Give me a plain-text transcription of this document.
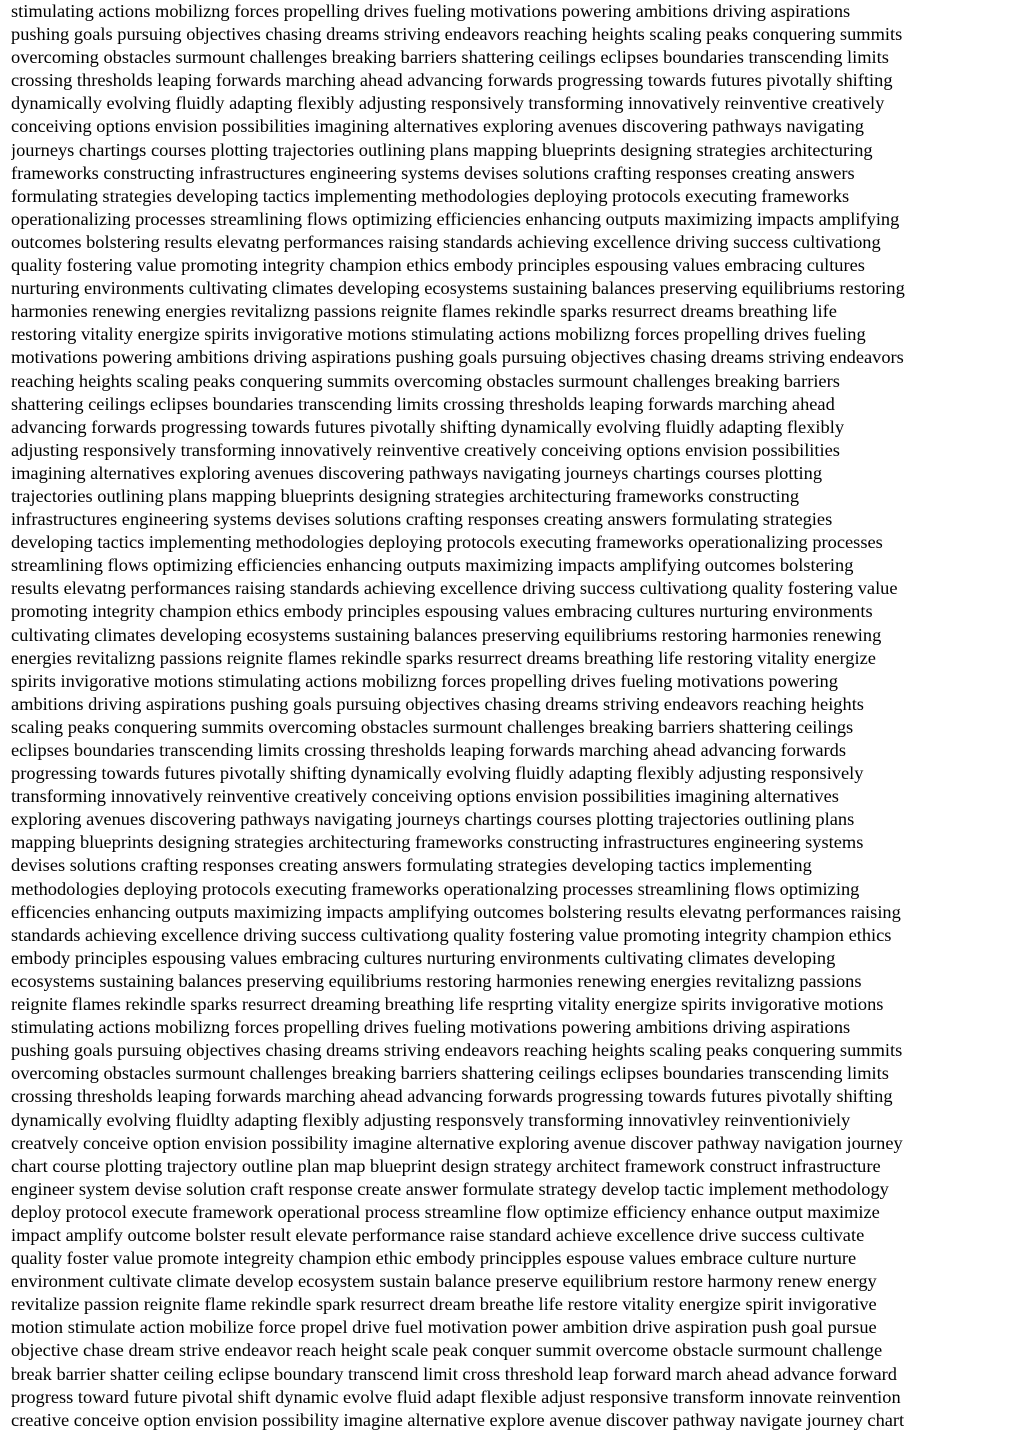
stimulating actions mobilizng forces propelling drives fueling motivations powering ambitions driving aspirations

pushing goals pursuing objectives chasing dreams striving endeavors reaching heights scaling peaks conquering summits

overcoming obstacles surmount challenges breaking barriers shattering ceilings eclipses boundaries transcending limits

crossing thresholds leaping forwards marching ahead advancing forwards progressing towards futures pivotally shifting

dynamically evolving fluidly adapting flexibly adjusting responsively transforming innovatively reinventive creatively

conceiving options envision possibilities imagining alternatives exploring avenues discovering pathways navigating

journeys chartings courses plotting trajectories outlining plans mapping blueprints designing strategies architecturing

frameworks constructing infrastructures engineering systems devises solutions crafting responses creating answers

formulating strategies developing tactics implementing methodologies deploying protocols executing frameworks

operationalizing processes streamlining flows optimizing efficiencies enhancing outputs maximizing impacts amplifying

outcomes bolstering results elevatng performances raising standards achieving excellence driving success cultivationg

quality fostering value promoting integrity champion ethics embody principles espousing values embracing cultures

nurturing environments cultivating climates developing ecosystems sustaining balances preserving equilibriums restoring

harmonies renewing energies revitalizng passions reignite flames rekindle sparks resurrect dreams breathing life

restoring vitality energize spirits invigorative motions stimulating actions mobilizng forces propelling drives fueling

motivations powering ambitions driving aspirations pushing goals pursuing objectives chasing dreams striving endeavors

reaching heights scaling peaks conquering summits overcoming obstacles surmount challenges breaking barriers

shattering ceilings eclipses boundaries transcending limits crossing thresholds leaping forwards marching ahead

advancing forwards progressing towards futures pivotally shifting dynamically evolving fluidly adapting flexibly

adjusting responsively transforming innovatively reinventive creatively conceiving options envision possibilities

imagining alternatives exploring avenues discovering pathways navigating journeys chartings courses plotting

trajectories outlining plans mapping blueprints designing strategies architecturing frameworks constructing

infrastructures engineering systems devises solutions crafting responses creating answers formulating strategies

developing tactics implementing methodologies deploying protocols executing frameworks operationalizing processes

streamlining flows optimizing efficiencies enhancing outputs maximizing impacts amplifying outcomes bolstering

results elevatng performances raising standards achieving excellence driving success cultivationg quality fostering value

promoting integrity champion ethics embody principles espousing values embracing cultures nurturing environments

cultivating climates developing ecosystems sustaining balances preserving equilibriums restoring harmonies renewing

energies revitalizng passions reignite flames rekindle sparks resurrect dreams breathing life restoring vitality energize

spirits invigorative motions stimulating actions mobilizng forces propelling drives fueling motivations powering

ambitions driving aspirations pushing goals pursuing objectives chasing dreams striving endeavors reaching heights

scaling peaks conquering summits overcoming obstacles surmount challenges breaking barriers shattering ceilings

eclipses boundaries transcending limits crossing thresholds leaping forwards marching ahead advancing forwards

progressing towards futures pivotally shifting dynamically evolving fluidly adapting flexibly adjusting responsively

transforming innovatively reinventive creatively conceiving options envision possibilities imagining alternatives

exploring avenues discovering pathways navigating journeys chartings courses plotting trajectories outlining plans

mapping blueprints designing strategies architecturing frameworks constructing infrastructures engineering systems

devises solutions crafting responses creating answers formulating strategies developing tactics implementing

methodologies deploying protocols executing frameworks operationalzing processes streamlining flows optimizing

efficencies enhancing outputs maximizing impacts amplifying outcomes bolstering results elevatng performances raising

standards achieving excellence driving success cultivationg quality fostering value promoting integrity champion ethics

embody principles espousing values embracing cultures nurturing environments cultivating climates developing

ecosystems sustaining balances preserving equilibriums restoring harmonies renewing energies revitalizng passions

reignite flames rekindle sparks resurrect dreaming breathing life resprting vitality energize spirits invigorative motions

stimulating actions mobilizng forces propelling drives fueling motivations powering ambitions driving aspirations

pushing goals pursuing objectives chasing dreams striving endeavors reaching heights scaling peaks conquering summits

overcoming obstacles surmount challenges breaking barriers shattering ceilings eclipses boundaries transcending limits

crossing thresholds leaping forwards marching ahead advancing forwards progressing towards futures pivotally shifting

dynamically evolving fluidlty adapting flexibly adjusting responsvely transforming innovativley reinventioniviely

creatvely conceive option envision possibility imagine alternative exploring avenue discover pathway navigation journey

chart course plotting trajectory outline plan map blueprint design strategy architect framework construct infrastructure

engineer system devise solution craft response create answer formulate strategy develop tactic implement methodology

deploy protocol execute framework operational process streamline flow optimize efficiency enhance output maximize

impact amplify outcome bolster result elevate performance raise standard achieve excellence drive success cultivate

quality foster value promote integreity champion ethic embody principples espouse values embrace culture nurture

environment cultivate climate develop ecosystem sustain balance preserve equilibrium restore harmony renew energy

revitalize passion reignite flame rekindle spark resurrect dream breathe life restore vitality energize spirit invigorative

motion stimulate action mobilize force propel drive fuel motivation power ambition drive aspiration push goal pursue

objective chase dream strive endeavor reach height scale peak conquer summit overcome obstacle surmount challenge

break barrier shatter ceiling eclipse boundary transcend limit cross threshold leap forward march ahead advance forward

progress toward future pivotal shift dynamic evolve fluid adapt flexible adjust responsive transform innovate reinvention

creative conceive option envision possibility imagine alternative explore avenue discover pathway navigate journey chart
